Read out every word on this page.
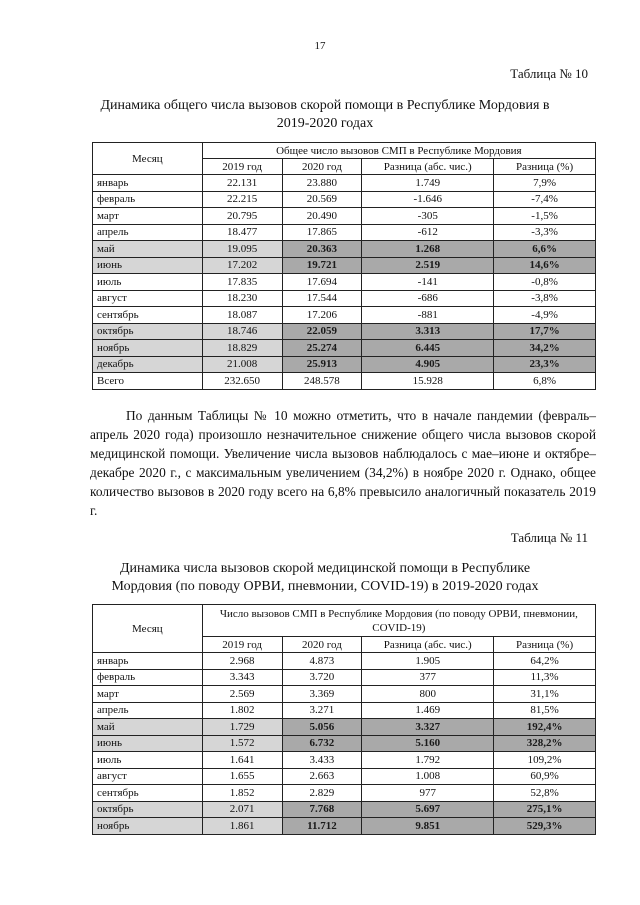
17
Таблица № 10
Динамика общего числа вызовов скорой помощи в Республике Мордовия в 2019-2020 годах
Месяц	Общее число вызовов СМП в Республике Мордовия			
	2019 год	2020 год	Разница (абс. чис.)	Разница (%)
январь	22.131	23.880	1.749	7,9%
февраль	22.215	20.569	-1.646	-7,4%
март	20.795	20.490	-305	-1,5%
апрель	18.477	17.865	-612	-3,3%
май	19.095	20.363	1.268	6,6%
июнь	17.202	19.721	2.519	14,6%
июль	17.835	17.694	-141	-0,8%
август	18.230	17.544	-686	-3,8%
сентябрь	18.087	17.206	-881	-4,9%
октябрь	18.746	22.059	3.313	17,7%
ноябрь	18.829	25.274	6.445	34,2%
декабрь	21.008	25.913	4.905	23,3%
Всего	232.650	248.578	15.928	6,8%
По данным Таблицы № 10 можно отметить, что в начале пандемии (февраль–апрель 2020 года) произошло незначительное снижение общего числа вызовов скорой медицинской помощи. Увеличение числа вызовов наблюдалось с мае–июне и октябре–декабре 2020 г., с максимальным увеличением (34,2%) в ноябре 2020 г. Однако, общее количество вызовов в 2020 году всего на 6,8% превысило аналогичный показатель 2019 г.
Таблица № 11
Динамика числа вызовов скорой медицинской помощи в Республике Мордовия (по поводу ОРВИ, пневмонии, COVID-19) в 2019-2020 годах
Месяц	Число вызовов СМП в Республике Мордовия (по поводу ОРВИ, пневмонии, COVID-19)			
	2019 год	2020 год	Разница (абс. чис.)	Разница (%)
январь	2.968	4.873	1.905	64,2%
февраль	3.343	3.720	377	11,3%
март	2.569	3.369	800	31,1%
апрель	1.802	3.271	1.469	81,5%
май	1.729	5.056	3.327	192,4%
июнь	1.572	6.732	5.160	328,2%
июль	1.641	3.433	1.792	109,2%
август	1.655	2.663	1.008	60,9%
сентябрь	1.852	2.829	977	52,8%
октябрь	2.071	7.768	5.697	275,1%
ноябрь	1.861	11.712	9.851	529,3%
